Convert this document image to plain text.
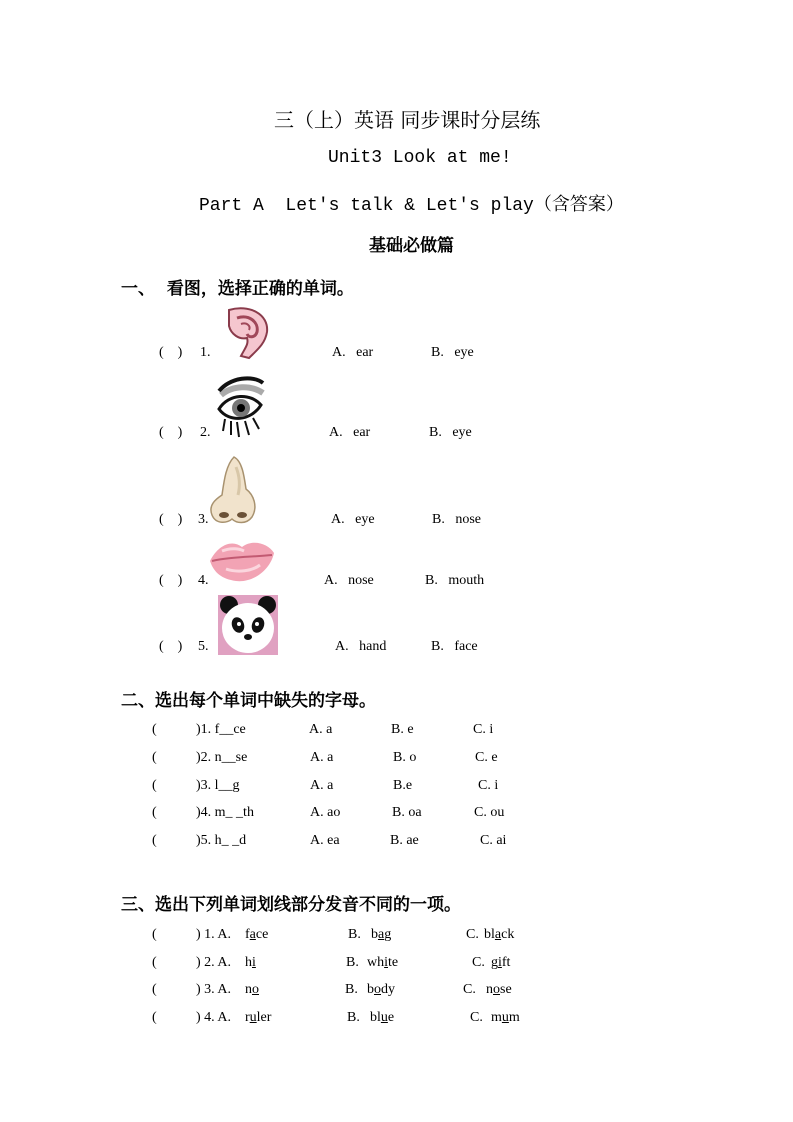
三（上）英语 同步课时分层练
Unit3 Look at me!
Part A  Let's talk & Let's play（含答案）
基础必做篇
一、  看图，选择正确的单词。
(    ) 1.	A.   ear	B.   eye
(    ) 2.	A.   ear	B.   eye
(    ) 3.	A.   eye	B.   nose
(    ) 4.	A.   nose	B.   mouth
(    ) 5.	A.   hand	B.   face
二、选出每个单词中缺失的字母。
(	)1. f__ce	A. a	B. e	C. i
(	)2. n__se	A. a	B. o	C. e
(	)3. l__g	A. a	B.e	C. i
(	)4. m_ _th	A. ao	B. oa	C. ou
(	)5. h_ _d	A. ea	B. ae	C. ai
三、选出下列单词划线部分发音不同的一项。
(	) 1. A. face	B. bag	C. black
(	) 2. A. hi	B. white	C. gift
(	) 3. A. no	B. body	C. nose
(	) 4. A. ruler	B. blue	C. mum
